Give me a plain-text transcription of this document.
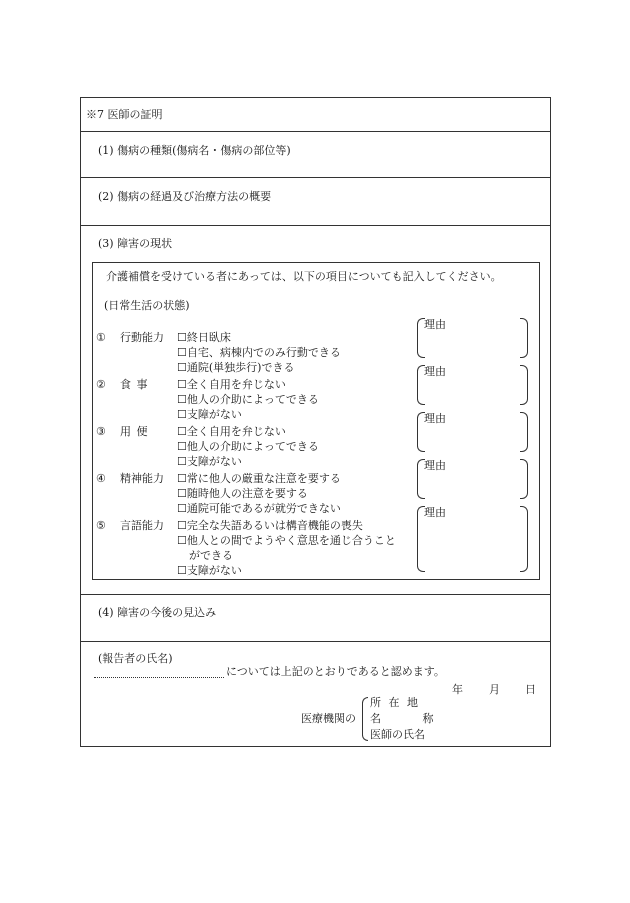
※7 医師の証明
(1) 傷病の種類(傷病名・傷病の部位等)
(2) 傷病の経過及び治療方法の概要
(3) 障害の現状
介護補償を受けている者にあっては、以下の項目についても記入してください。
(日常生活の状態)
① 行動能力 ☐終日臥床
☐自宅、病棟内でのみ行動できる
☐通院(単独歩行)できる
② 食 事	☐全く自用を弁じない
☐他人の介助によってできる
☐支障がない
③ 用 便	☐全く自用を弁じない
☐他人の介助によってできる
☐支障がない
④ 精神能力 ☐常に他人の厳重な注意を要する
☐随時他人の注意を要する
☐通院可能であるが就労できない
⑤ 言語能力 ☐完全な失語あるいは構音機能の喪失
☐他人との間でようやく意思を通じ合うこと
ができる
☐支障がない
理由
理由
理由
理由
理由
(4) 障害の今後の見込み
(報告者の氏名)
については上記のとおりであると認めます。
年 月 日
医療機関の
所 在 地
名 称
医師の氏名
